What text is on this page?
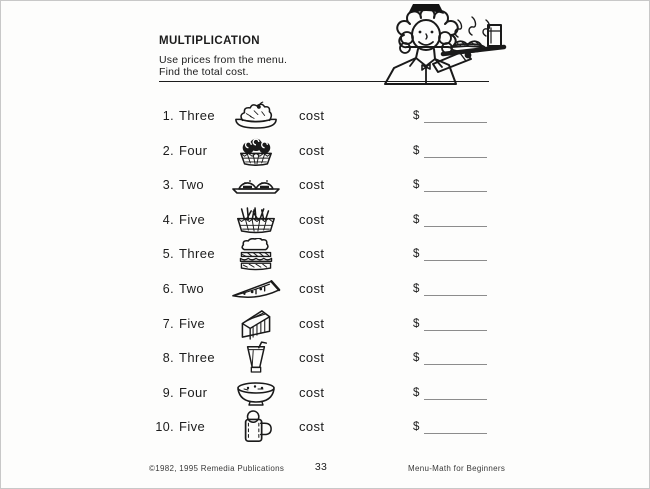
MULTIPLICATION

Use prices from the menu.

Find the total cost.

1. Three	cost	$
2. Four	cost	$
3. Two	cost	$
4. Five	cost	$
5. Three	cost	$
6. Two	cost	$
7. Five	cost	$
8. Three	cost	$
9. Four	cost	$
10. Five	cost	$
©1982, 1995 Remedia Publications	33	Menu-Math for Beginners
